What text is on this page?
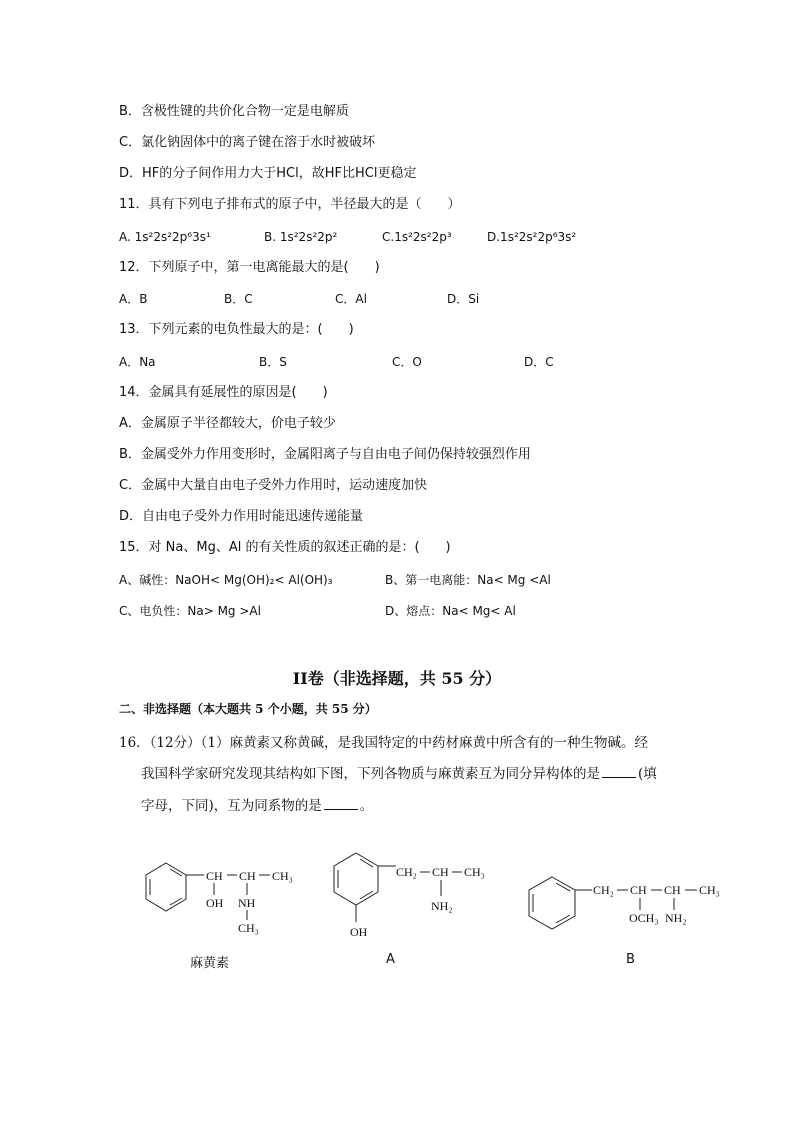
B．含极性键的共价化合物一定是电解质
C．氯化钠固体中的离子键在溶于水时被破坏
D．HF的分子间作用力大于HCl，故HF比HCl更稳定
11．具有下列电子排布式的原子中，半径最大的是（　　）
A. 1s²2s²2p⁶3s¹	B. 1s²2s²2p²	C.1s²2s²2p³	D.1s²2s²2p⁶3s²
12．下列原子中，第一电离能最大的是(　　)
A．B	B．C	C．Al	D．Si
13．下列元素的电负性最大的是：(　　)
A．Na	B．S	C．O	D．C
14．金属具有延展性的原因是(　　)
A．金属原子半径都较大，价电子较少
B．金属受外力作用变形时，金属阳离子与自由电子间仍保持较强烈作用
C．金属中大量自由电子受外力作用时，运动速度加快
D．自由电子受外力作用时能迅速传递能量
15．对 Na、Mg、Al 的有关性质的叙述正确的是：(　　)
A、碱性：NaOH< Mg(OH)₂< Al(OH)₃	B、第一电离能：Na< Mg <Al
C、电负性：Na> Mg >Al	D、熔点：Na< Mg< Al
II卷（非选择题，共 55 分）
二、非选择题（本大题共 5 个小题，共 55 分）
16．（12分）（1）麻黄素又称黄碱，是我国特定的中药材麻黄中所含有的一种生物碱。经
我国科学家研究发现其结构如下图，下列各物质与麻黄素互为同分异构体的是	(填
字母，下同)，互为同系物的是	。
CH CH CH₃
OH NH
CH₃
CH₂ CH CH₃
NH₂
OH
CH₂ CH CH CH₃
OCH₃ NH₂
麻黄素	A	B
